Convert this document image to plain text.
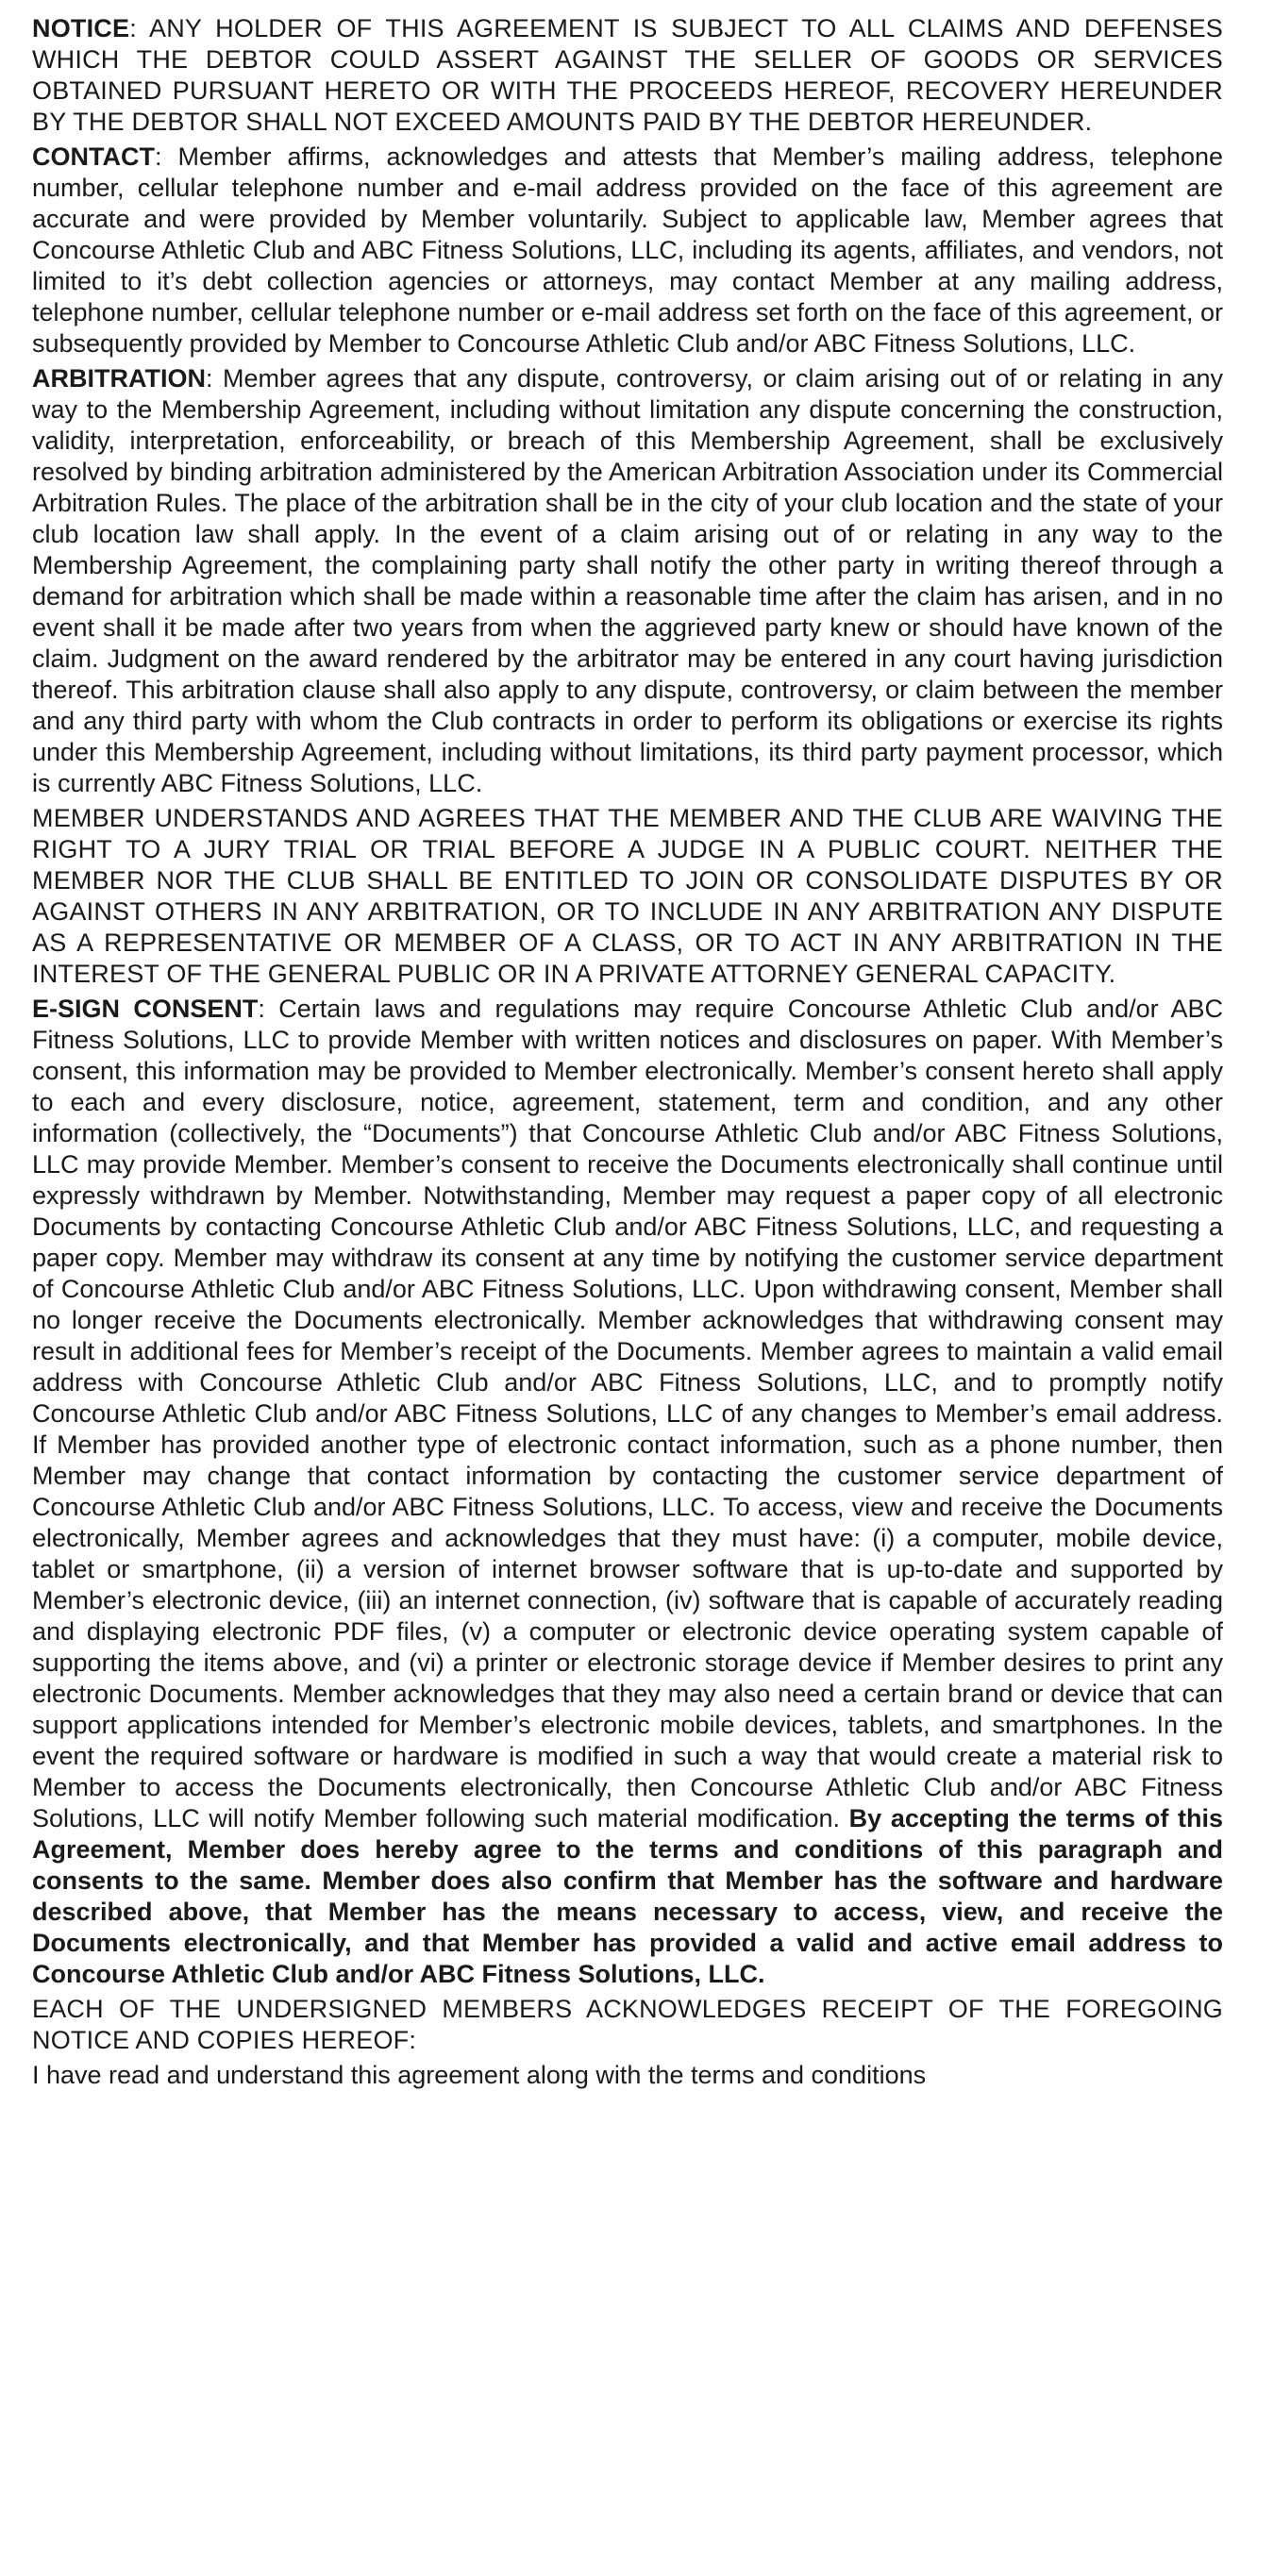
NOTICE: ANY HOLDER OF THIS AGREEMENT IS SUBJECT TO ALL CLAIMS AND DEFENSES WHICH THE DEBTOR COULD ASSERT AGAINST THE SELLER OF GOODS OR SERVICES OBTAINED PURSUANT HERETO OR WITH THE PROCEEDS HEREOF, RECOVERY HEREUNDER BY THE DEBTOR SHALL NOT EXCEED AMOUNTS PAID BY THE DEBTOR HEREUNDER.

CONTACT: Member affirms, acknowledges and attests that Member’s mailing address, telephone number, cellular telephone number and e-mail address provided on the face of this agreement are accurate and were provided by Member voluntarily. Subject to applicable law, Member agrees that Concourse Athletic Club and ABC Fitness Solutions, LLC, including its agents, affiliates, and vendors, not limited to it’s debt collection agencies or attorneys, may contact Member at any mailing address, telephone number, cellular telephone number or e-mail address set forth on the face of this agreement, or subsequently provided by Member to Concourse Athletic Club and/or ABC Fitness Solutions, LLC.

ARBITRATION: Member agrees that any dispute, controversy, or claim arising out of or relating in any way to the Membership Agreement, including without limitation any dispute concerning the construction, validity, interpretation, enforceability, or breach of this Membership Agreement, shall be exclusively resolved by binding arbitration administered by the American Arbitration Association under its Commercial Arbitration Rules. The place of the arbitration shall be in the city of your club location and the state of your club location law shall apply. In the event of a claim arising out of or relating in any way to the Membership Agreement, the complaining party shall notify the other party in writing thereof through a demand for arbitration which shall be made within a reasonable time after the claim has arisen, and in no event shall it be made after two years from when the aggrieved party knew or should have known of the claim. Judgment on the award rendered by the arbitrator may be entered in any court having jurisdiction thereof. This arbitration clause shall also apply to any dispute, controversy, or claim between the member and any third party with whom the Club contracts in order to perform its obligations or exercise its rights under this Membership Agreement, including without limitations, its third party payment processor, which is currently ABC Fitness Solutions, LLC.

MEMBER UNDERSTANDS AND AGREES THAT THE MEMBER AND THE CLUB ARE WAIVING THE RIGHT TO A JURY TRIAL OR TRIAL BEFORE A JUDGE IN A PUBLIC COURT. NEITHER THE MEMBER NOR THE CLUB SHALL BE ENTITLED TO JOIN OR CONSOLIDATE DISPUTES BY OR AGAINST OTHERS IN ANY ARBITRATION, OR TO INCLUDE IN ANY ARBITRATION ANY DISPUTE AS A REPRESENTATIVE OR MEMBER OF A CLASS, OR TO ACT IN ANY ARBITRATION IN THE INTEREST OF THE GENERAL PUBLIC OR IN A PRIVATE ATTORNEY GENERAL CAPACITY.

E-SIGN CONSENT: Certain laws and regulations may require Concourse Athletic Club and/or ABC Fitness Solutions, LLC to provide Member with written notices and disclosures on paper. With Member’s consent, this information may be provided to Member electronically. Member’s consent hereto shall apply to each and every disclosure, notice, agreement, statement, term and condition, and any other information (collectively, the “Documents”) that Concourse Athletic Club and/or ABC Fitness Solutions, LLC may provide Member. Member’s consent to receive the Documents electronically shall continue until expressly withdrawn by Member. Notwithstanding, Member may request a paper copy of all electronic Documents by contacting Concourse Athletic Club and/or ABC Fitness Solutions, LLC, and requesting a paper copy. Member may withdraw its consent at any time by notifying the customer service department of Concourse Athletic Club and/or ABC Fitness Solutions, LLC. Upon withdrawing consent, Member shall no longer receive the Documents electronically. Member acknowledges that withdrawing consent may result in additional fees for Member’s receipt of the Documents. Member agrees to maintain a valid email address with Concourse Athletic Club and/or ABC Fitness Solutions, LLC, and to promptly notify Concourse Athletic Club and/or ABC Fitness Solutions, LLC of any changes to Member’s email address. If Member has provided another type of electronic contact information, such as a phone number, then Member may change that contact information by contacting the customer service department of Concourse Athletic Club and/or ABC Fitness Solutions, LLC. To access, view and receive the Documents electronically, Member agrees and acknowledges that they must have: (i) a computer, mobile device, tablet or smartphone, (ii) a version of internet browser software that is up-to-date and supported by Member’s electronic device, (iii) an internet connection, (iv) software that is capable of accurately reading and displaying electronic PDF files, (v) a computer or electronic device operating system capable of supporting the items above, and (vi) a printer or electronic storage device if Member desires to print any electronic Documents. Member acknowledges that they may also need a certain brand or device that can support applications intended for Member’s electronic mobile devices, tablets, and smartphones. In the event the required software or hardware is modified in such a way that would create a material risk to Member to access the Documents electronically, then Concourse Athletic Club and/or ABC Fitness Solutions, LLC will notify Member following such material modification. By accepting the terms of this Agreement, Member does hereby agree to the terms and conditions of this paragraph and consents to the same. Member does also confirm that Member has the software and hardware described above, that Member has the means necessary to access, view, and receive the Documents electronically, and that Member has provided a valid and active email address to Concourse Athletic Club and/or ABC Fitness Solutions, LLC.

EACH OF THE UNDERSIGNED MEMBERS ACKNOWLEDGES RECEIPT OF THE FOREGOING NOTICE AND COPIES HEREOF:

I have read and understand this agreement along with the terms and conditions
